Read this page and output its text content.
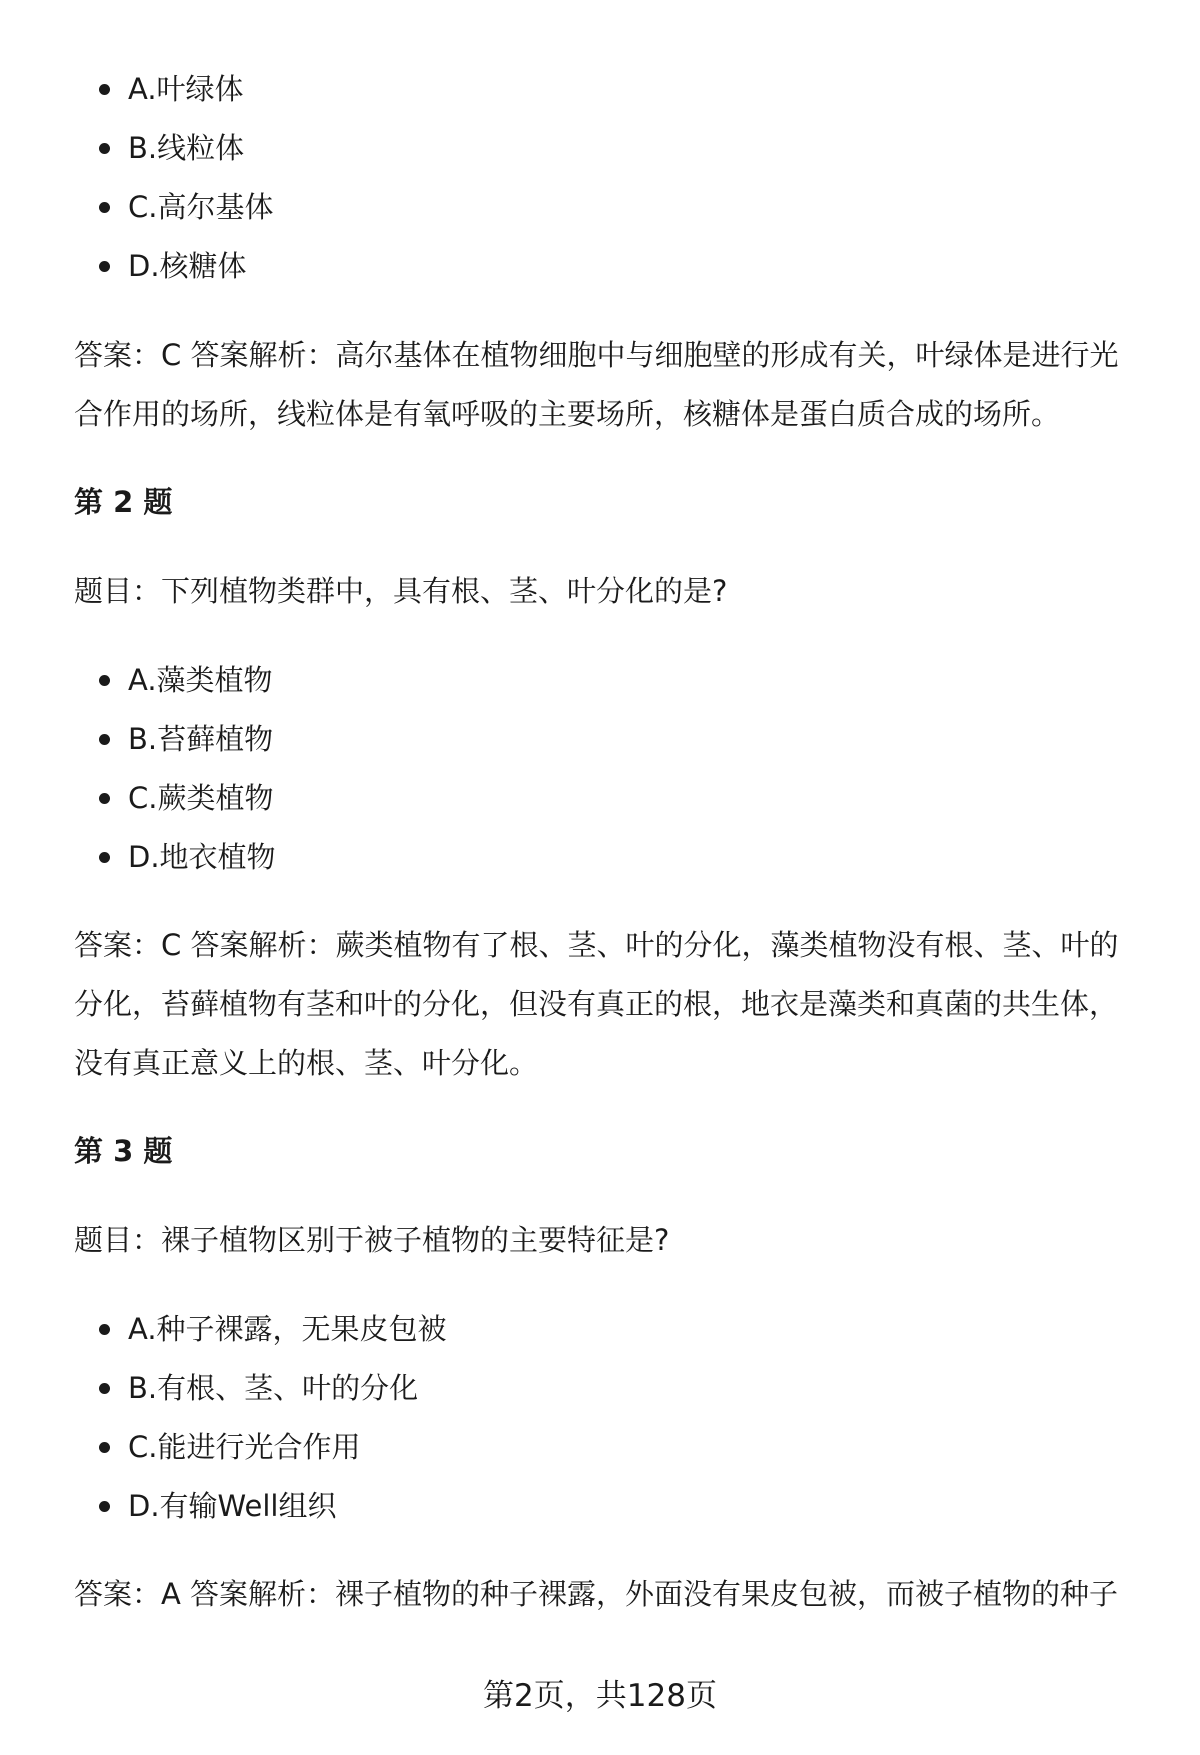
A.叶绿体
B.线粒体
C.高尔基体
D.核糖体
答案：C 答案解析：高尔基体在植物细胞中与细胞壁的形成有关，叶绿体是进行光
合作用的场所，线粒体是有氧呼吸的主要场所，核糖体是蛋白质合成的场所。
第 2 题
题目：下列植物类群中，具有根、茎、叶分化的是?
A.藻类植物
B.苔藓植物
C.蕨类植物
D.地衣植物
答案：C 答案解析：蕨类植物有了根、茎、叶的分化，藻类植物没有根、茎、叶的
分化，苔藓植物有茎和叶的分化，但没有真正的根，地衣是藻类和真菌的共生体，
没有真正意义上的根、茎、叶分化。
第 3 题
题目：裸子植物区别于被子植物的主要特征是?
A.种子裸露，无果皮包被
B.有根、茎、叶的分化
C.能进行光合作用
D.有输Well组织
答案：A 答案解析：裸子植物的种子裸露，外面没有果皮包被，而被子植物的种子
第2页，共128页
